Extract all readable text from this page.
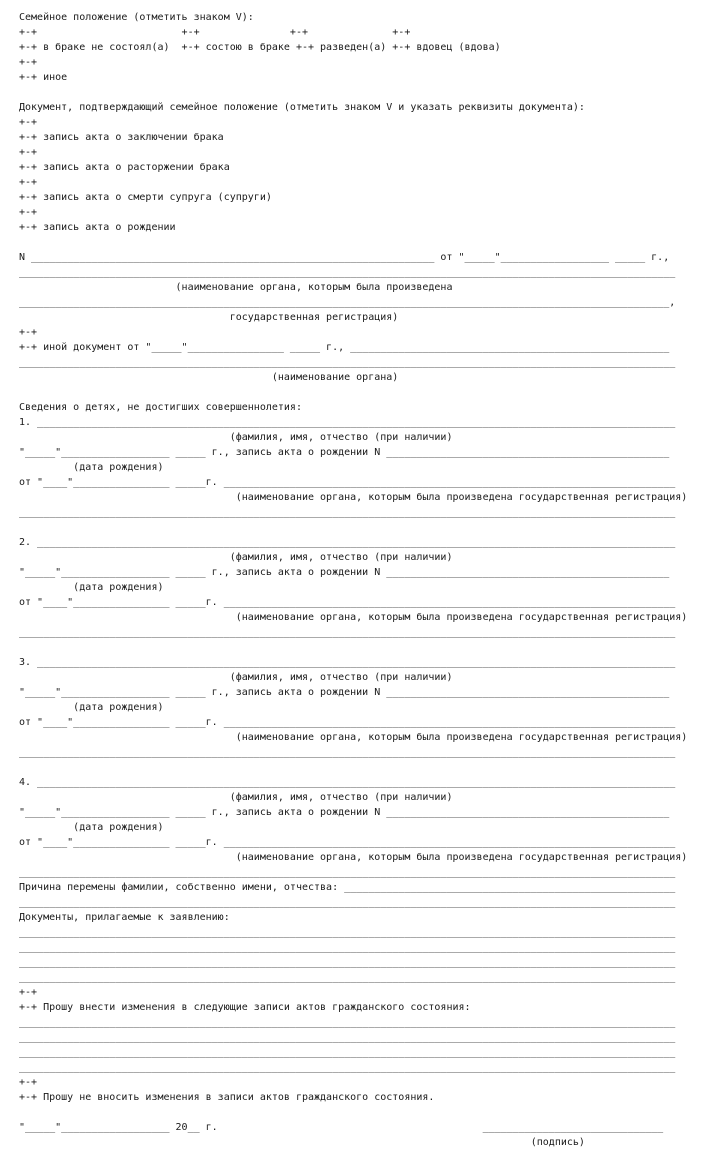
Семейное положение (отметить знаком V):
+-+                        +-+               +-+              +-+
+-+ в браке не состоял(а)  +-+ состою в браке +-+ разведен(а) +-+ вдовец (вдова)
+-+
+-+ иное
Документ, подтверждающий семейное положение (отметить знаком V и указать реквизиты документа):
+-+
+-+ запись акта о заключении брака
+-+
+-+ запись акта о расторжении брака
+-+
+-+ запись акта о смерти супруга (супруги)
+-+
+-+ запись акта о рождении
N ___________________________________________________________________ от "_____"__________________ _____ г.,
_____________________________________________________________________________________________________________
(наименование органа, которым была произведена
____________________________________________________________________________________________________________,
государственная регистрация)
+-+
+-+ иной документ от "_____"________________ _____ г., _____________________________________________________
_____________________________________________________________________________________________________________
(наименование органа)
Сведения о детях, не достигших совершеннолетия:
1. __________________________________________________________________________________________________________
(фамилия, имя, отчество (при наличии)
"_____"__________________ _____ г., запись акта о рождении N _______________________________________________
(дата рождения)
от "____"________________ _____г. ___________________________________________________________________________
(наименование органа, которым была произведена государственная регистрация)
_____________________________________________________________________________________________________________
2. __________________________________________________________________________________________________________
(фамилия, имя, отчество (при наличии)
"_____"__________________ _____ г., запись акта о рождении N _______________________________________________
(дата рождения)
от "____"________________ _____г. ___________________________________________________________________________
(наименование органа, которым была произведена государственная регистрация)
_____________________________________________________________________________________________________________
3. __________________________________________________________________________________________________________
(фамилия, имя, отчество (при наличии)
"_____"__________________ _____ г., запись акта о рождении N _______________________________________________
(дата рождения)
от "____"________________ _____г. ___________________________________________________________________________
(наименование органа, которым была произведена государственная регистрация)
_____________________________________________________________________________________________________________
4. __________________________________________________________________________________________________________
(фамилия, имя, отчество (при наличии)
"_____"__________________ _____ г., запись акта о рождении N _______________________________________________
(дата рождения)
от "____"________________ _____г. ___________________________________________________________________________
(наименование органа, которым была произведена государственная регистрация)
_____________________________________________________________________________________________________________
Причина перемены фамилии, собственно имени, отчества: _______________________________________________________
_____________________________________________________________________________________________________________
Документы, прилагаемые к заявлению:
_____________________________________________________________________________________________________________
_____________________________________________________________________________________________________________
_____________________________________________________________________________________________________________
_____________________________________________________________________________________________________________
+-+
+-+ Прошу внести изменения в следующие записи актов гражданского состояния:
_____________________________________________________________________________________________________________
_____________________________________________________________________________________________________________
_____________________________________________________________________________________________________________
_____________________________________________________________________________________________________________
+-+
+-+ Прошу не вносить изменения в записи актов гражданского состояния.
"_____"__________________ 20__ г.                                            ______________________________
(подпись)
